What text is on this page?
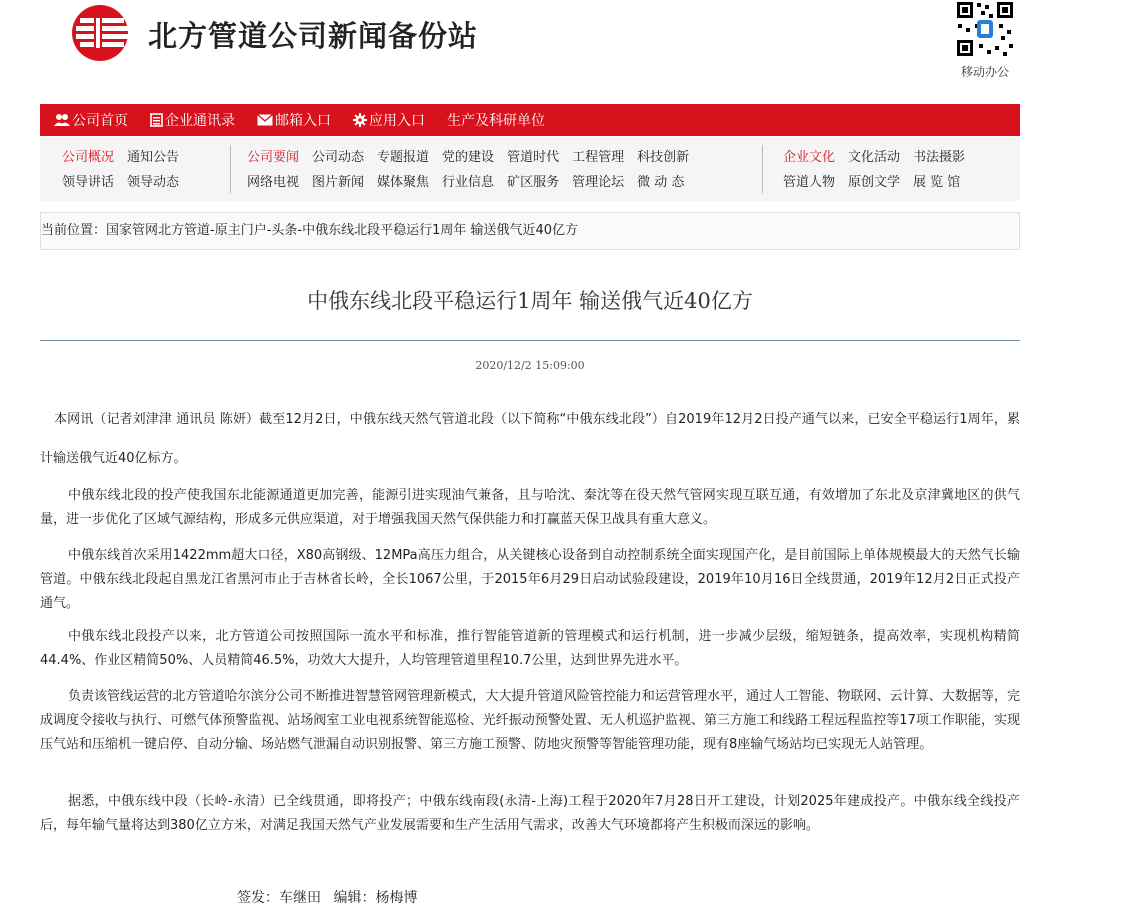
北方管道公司新闻备份站
移动办公
公司首页	企业通讯录	邮箱入口	应用入口 生产及科研单位
公司概况 通知公告
领导讲话 领导动态
公司要闻 公司动态 专题报道 党的建设 管道时代 工程管理 科技创新
网络电视 图片新闻 媒体聚焦 行业信息 矿区服务 管理论坛 微 动 态
企业文化 文化活动 书法摄影
管道人物 原创文学 展 览 馆
当前位置：国家管网北方管道-原主门户-头条-中俄东线北段平稳运行1周年 输送俄气近40亿方
中俄东线北段平稳运行1周年 输送俄气近40亿方
2020/12/2 15:09:00

本网讯（记者刘津津 通讯员 陈妍）截至12月2日，中俄东线天然气管道北段（以下简称“中俄东线北段”）自2019年12月2日投产通气以来，已安全平稳运行1周年，累计输送俄气近40亿标方。

中俄东线北段的投产使我国东北能源通道更加完善，能源引进实现油气兼备，且与哈沈、秦沈等在役天然气管网实现互联互通，有效增加了东北及京津冀地区的供气量，进一步优化了区域气源结构，形成多元供应渠道，对于增强我国天然气保供能力和打赢蓝天保卫战具有重大意义。

中俄东线首次采用1422mm超大口径，X80高钢级、12MPa高压力组合，从关键核心设备到自动控制系统全面实现国产化，是目前国际上单体规模最大的天然气长输管道。中俄东线北段起自黑龙江省黑河市止于吉林省长岭，全长1067公里，于2015年6月29日启动试验段建设，2019年10月16日全线贯通，2019年12月2日正式投产通气。

中俄东线北段投产以来，北方管道公司按照国际一流水平和标准，推行智能管道新的管理模式和运行机制，进一步减少层级，缩短链条，提高效率，实现机构精简44.4%、作业区精简50%、人员精简46.5%，功效大大提升，人均管理管道里程10.7公里，达到世界先进水平。

负责该管线运营的北方管道哈尔滨分公司不断推进智慧管网管理新模式，大大提升管道风险管控能力和运营管理水平，通过人工智能、物联网、云计算、大数据等，完成调度令接收与执行、可燃气体预警监视、站场阀室工业电视系统智能巡检、光纤振动预警处置、无人机巡护监视、第三方施工和线路工程远程监控等17项工作职能，实现压气站和压缩机一键启停、自动分输、场站燃气泄漏自动识别报警、第三方施工预警、防地灾预警等智能管理功能，现有8座输气场站均已实现无人站管理。

据悉，中俄东线中段（长岭-永清）已全线贯通，即将投产；中俄东线南段(永清-上海)工程于2020年7月28日开工建设，计划2025年建成投产。中俄东线全线投产后，每年输气量将达到380亿立方米，对满足我国天然气产业发展需要和生产生活用气需求，改善大气环境都将产生积极而深远的影响。

签发：车继田 编辑：杨梅博
